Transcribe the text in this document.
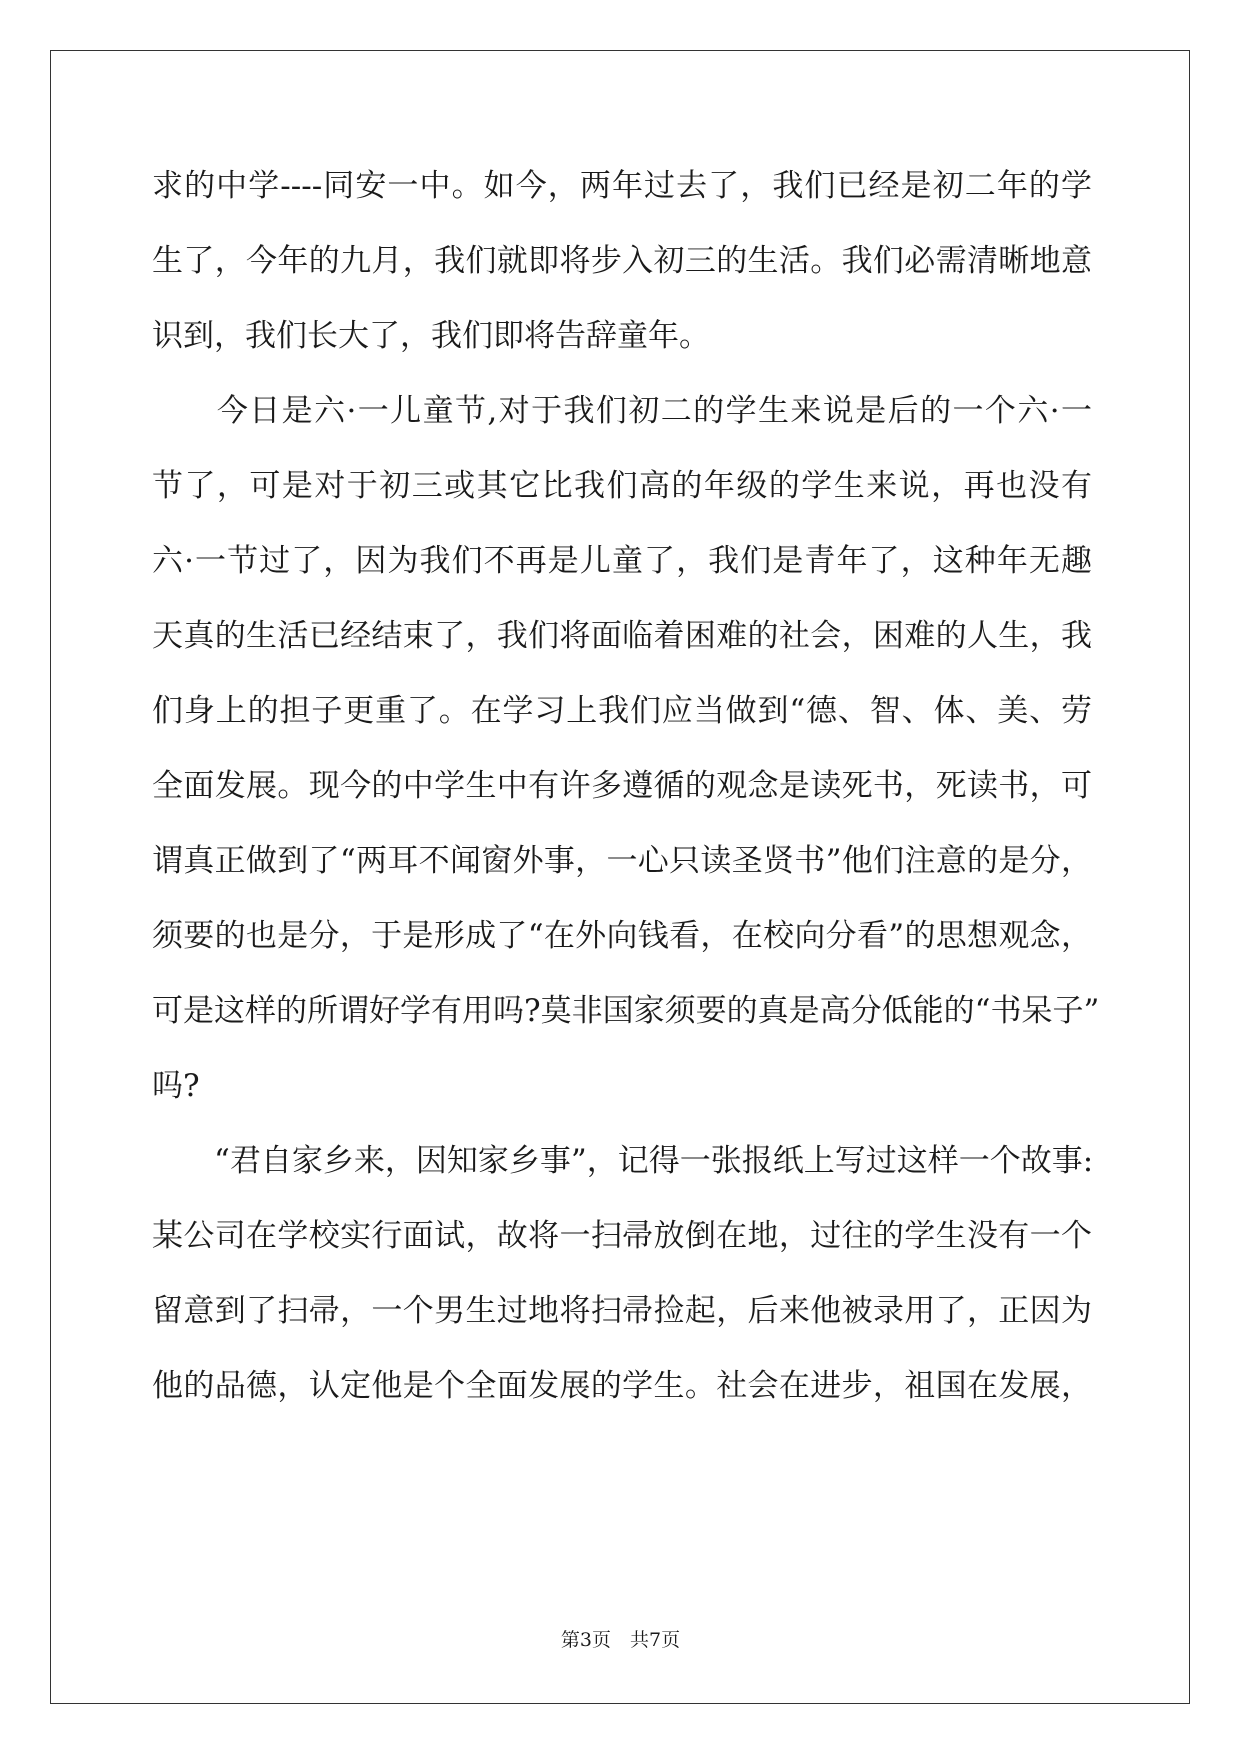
求的中学----同安一中。如今，两年过去了，我们已经是初二年的学
生了，今年的九月，我们就即将步入初三的生活。我们必需清晰地意
识到，我们长大了，我们即将告辞童年。
　　今日是六·一儿童节,对于我们初二的学生来说是后的一个六·一
节了，可是对于初三或其它比我们高的年级的学生来说，再也没有
六·一节过了，因为我们不再是儿童了，我们是青年了，这种年无趣
天真的生活已经结束了，我们将面临着困难的社会，困难的人生，我
们身上的担子更重了。在学习上我们应当做到“德、智、体、美、劳
全面发展。现今的中学生中有许多遵循的观念是读死书，死读书，可
谓真正做到了“两耳不闻窗外事，一心只读圣贤书”他们注意的是分，
须要的也是分，于是形成了“在外向钱看，在校向分看”的思想观念，
可是这样的所谓好学有用吗?莫非国家须要的真是高分低能的“书呆子”
吗?
　　“君自家乡来，因知家乡事”，记得一张报纸上写过这样一个故事:
某公司在学校实行面试，故将一扫帚放倒在地，过往的学生没有一个
留意到了扫帚，一个男生过地将扫帚捡起，后来他被录用了，正因为
他的品德，认定他是个全面发展的学生。社会在进步，祖国在发展，
第3页　共7页
